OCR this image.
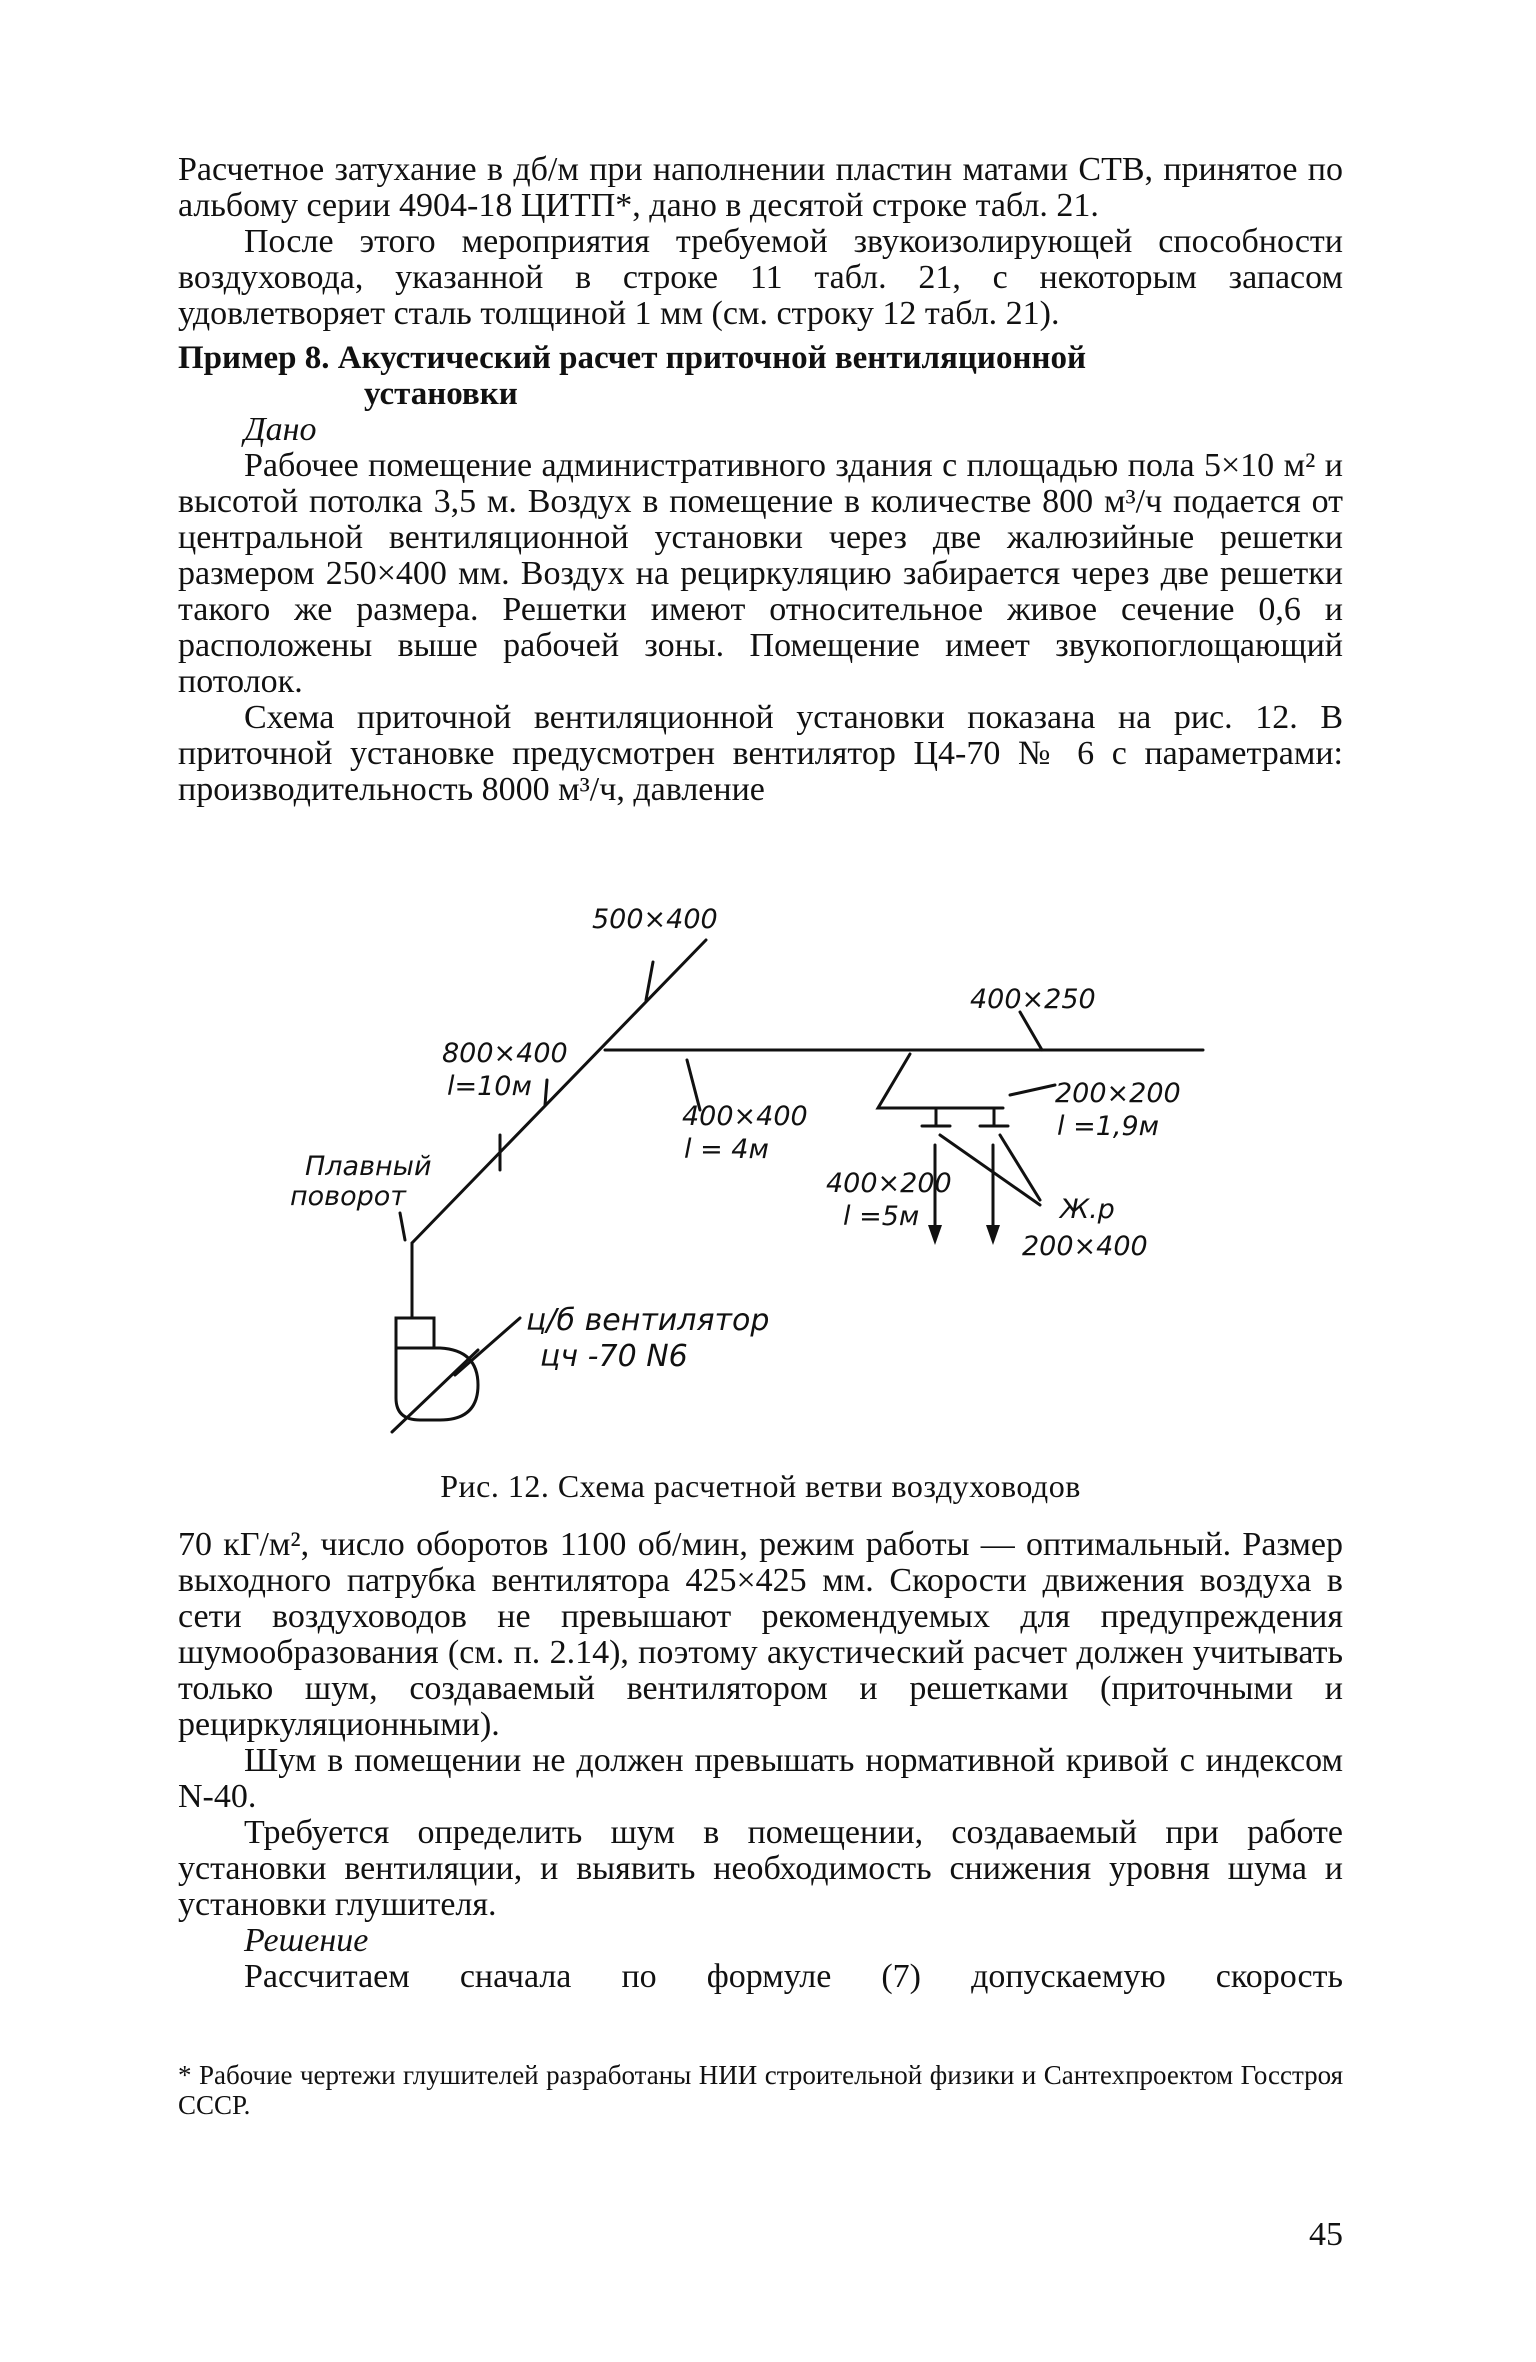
Расчетное затухание в дб/м при наполнении пластин матами СТВ, принятое по альбому серии 4904-18 ЦИТП*, дано в десятой строке табл. 21.

После этого мероприятия требуемой звукоизолирующей способности воздуховода, указанной в строке 11 табл. 21, с некоторым запасом удовлетворяет сталь толщиной 1 мм (см. строку 12 табл. 21).

Пример 8. Акустический расчет приточной вентиляционной
установки

Дано

Рабочее помещение административного здания с площадью пола 5×10 м² и высотой потолка 3,5 м. Воздух в помещение в количестве 800 м³/ч подается от центральной вентиляционной установки через две жалюзийные решетки размером 250×400 мм. Воздух на рециркуляцию забирается через две решетки такого же размера. Решетки имеют относительное живое сечение 0,6 и расположены выше рабочей зоны. Помещение имеет звукопоглощающий потолок.

Схема приточной вентиляционной установки показана на рис. 12. В приточной установке предусмотрен вентилятор Ц4-70 № 6 с параметрами: производительность 8000 м³/ч, давление

500×400
400×250
800×400
l=10м
400×400
l = 4м
200×200
l =1,9м
Плавный
поворот	400×200
l =5м	Ж.р
200×400
ц/б вентилятор
цч -70 N6
Рис. 12. Схема расчетной ветви воздуховодов

70 кГ/м², число оборотов 1100 об/мин, режим работы — оптимальный. Размер выходного патрубка вентилятора 425×425 мм. Скорости движения воздуха в сети воздуховодов не превышают рекомендуемых для предупреждения шумообразования (см. п. 2.14), поэтому акустический расчет должен учитывать только шум, создаваемый вентилятором и решетками (приточными и рециркуляционными).

Шум в помещении не должен превышать нормативной кривой с индексом N-40.

Требуется определить шум в помещении, создаваемый при работе установки вентиляции, и выявить необходимость снижения уровня шума и установки глушителя.

Решение

Рассчитаем сначала по формуле (7) допускаемую скорость

* Рабочие чертежи глушителей разработаны НИИ строительной физики и Сантехпроектом Госстроя СССР.
45
